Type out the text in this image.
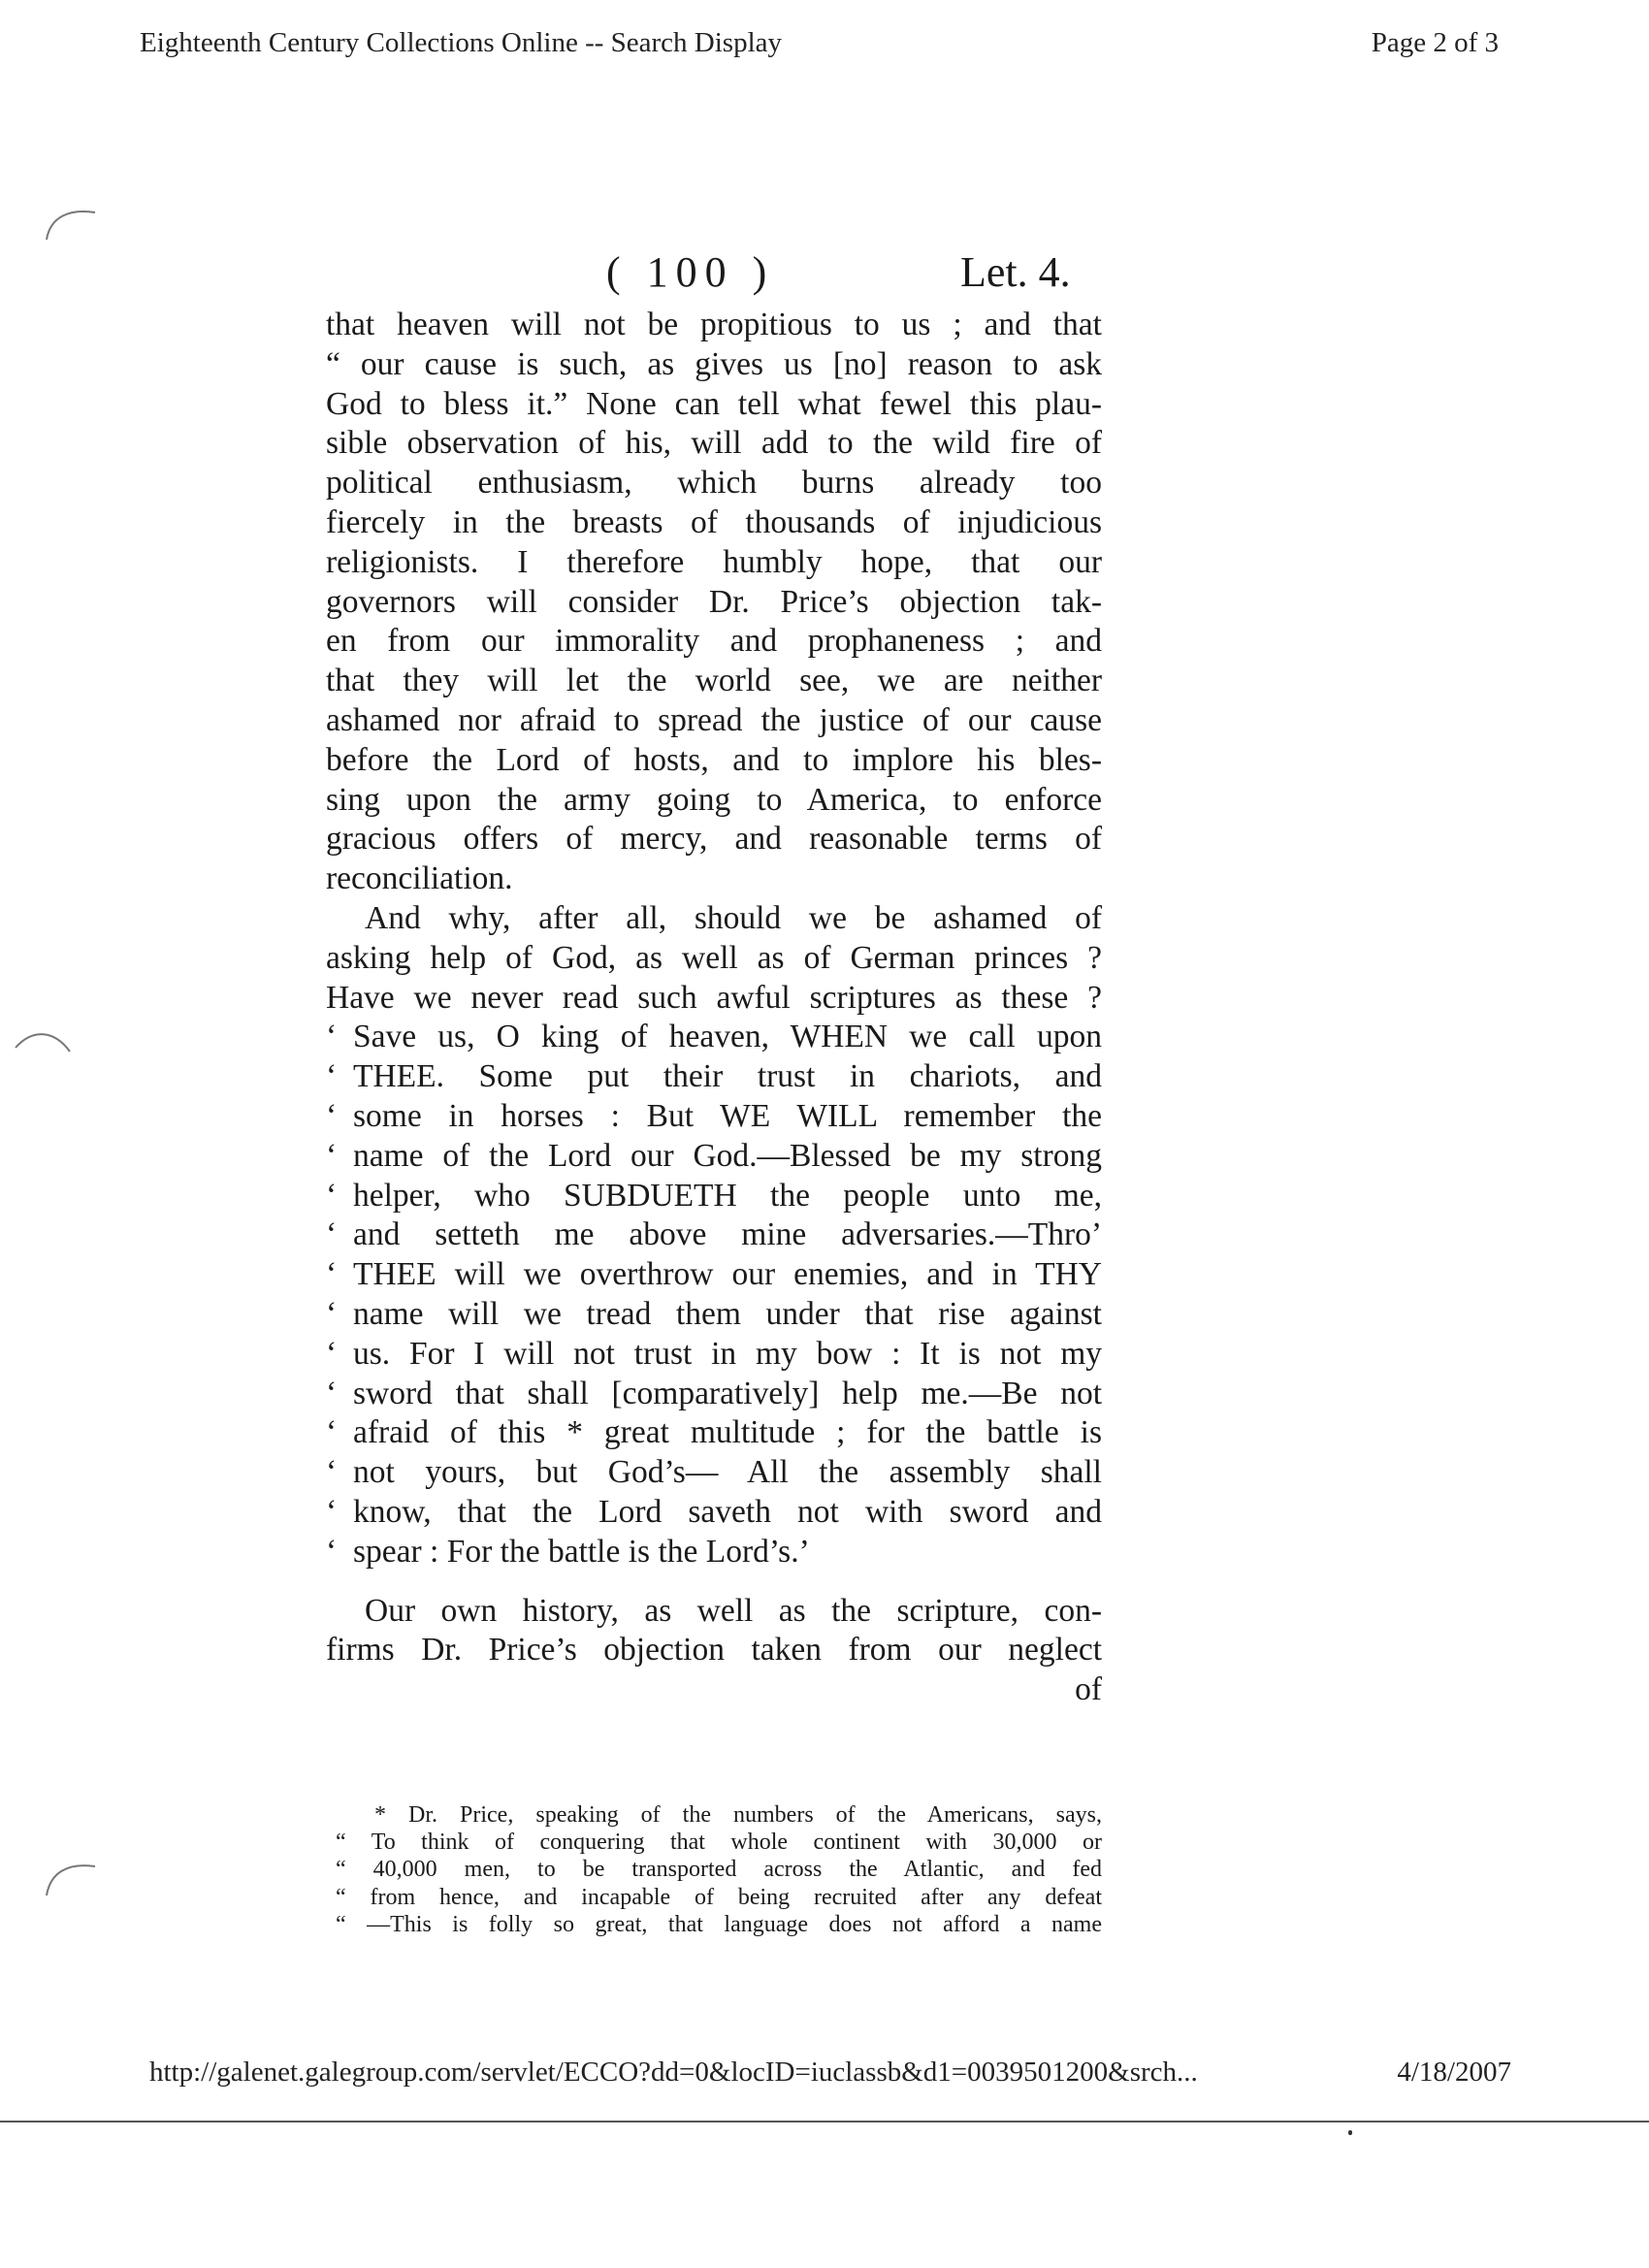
Eighteenth Century Collections Online -- Search Display	Page 2 of 3
( 100 )	Let. 4.
that heaven will not be propitious to us ; and that
“ our cause is such, as gives us [no] reason to ask
God to bless it.” None can tell what fewel this plau-
sible observation of his, will add to the wild fire of
political enthusiasm, which burns already too
fiercely in the breasts of thousands of injudicious
religionists. I therefore humbly hope, that our
governors will consider Dr. Price’s objection tak-
en from our immorality and prophaneness ; and
that they will let the world see, we are neither
ashamed nor afraid to spread the justice of our cause
before the Lord of hosts, and to implore his bles-
sing upon the army going to America, to enforce
gracious offers of mercy, and reasonable terms of
reconciliation.
And why, after all, should we be ashamed of
asking help of God, as well as of German princes ?
Have we never read such awful scriptures as these ?
‘ Save us, O king of heaven, WHEN we call upon
‘ THEE. Some put their trust in chariots, and
‘ some in horses : But WE WILL remember the
‘ name of the Lord our God.—Blessed be my strong
‘ helper, who SUBDUETH the people unto me,
‘ and setteth me above mine adversaries.—Thro’
‘ THEE will we overthrow our enemies, and in THY
‘ name will we tread them under that rise against
‘ us. For I will not trust in my bow : It is not my
‘ sword that shall [comparatively] help me.—Be not
‘ afraid of this * great multitude ; for the battle is
‘ not yours, but God’s— All the assembly shall
‘ know, that the Lord saveth not with sword and
‘ spear : For the battle is the Lord’s.’
Our own history, as well as the scripture, con-
firms Dr. Price’s objection taken from our neglect
of
* Dr. Price, speaking of the numbers of the Americans, says,
“ To think of conquering that whole continent with 30,000 or
“ 40,000 men, to be transported across the Atlantic, and fed
“ from hence, and incapable of being recruited after any defeat
“ —This is folly so great, that language does not afford a name
http://galenet.galegroup.com/servlet/ECCO?dd=0&locID=iuclassb&d1=0039501200&srch...	4/18/2007
